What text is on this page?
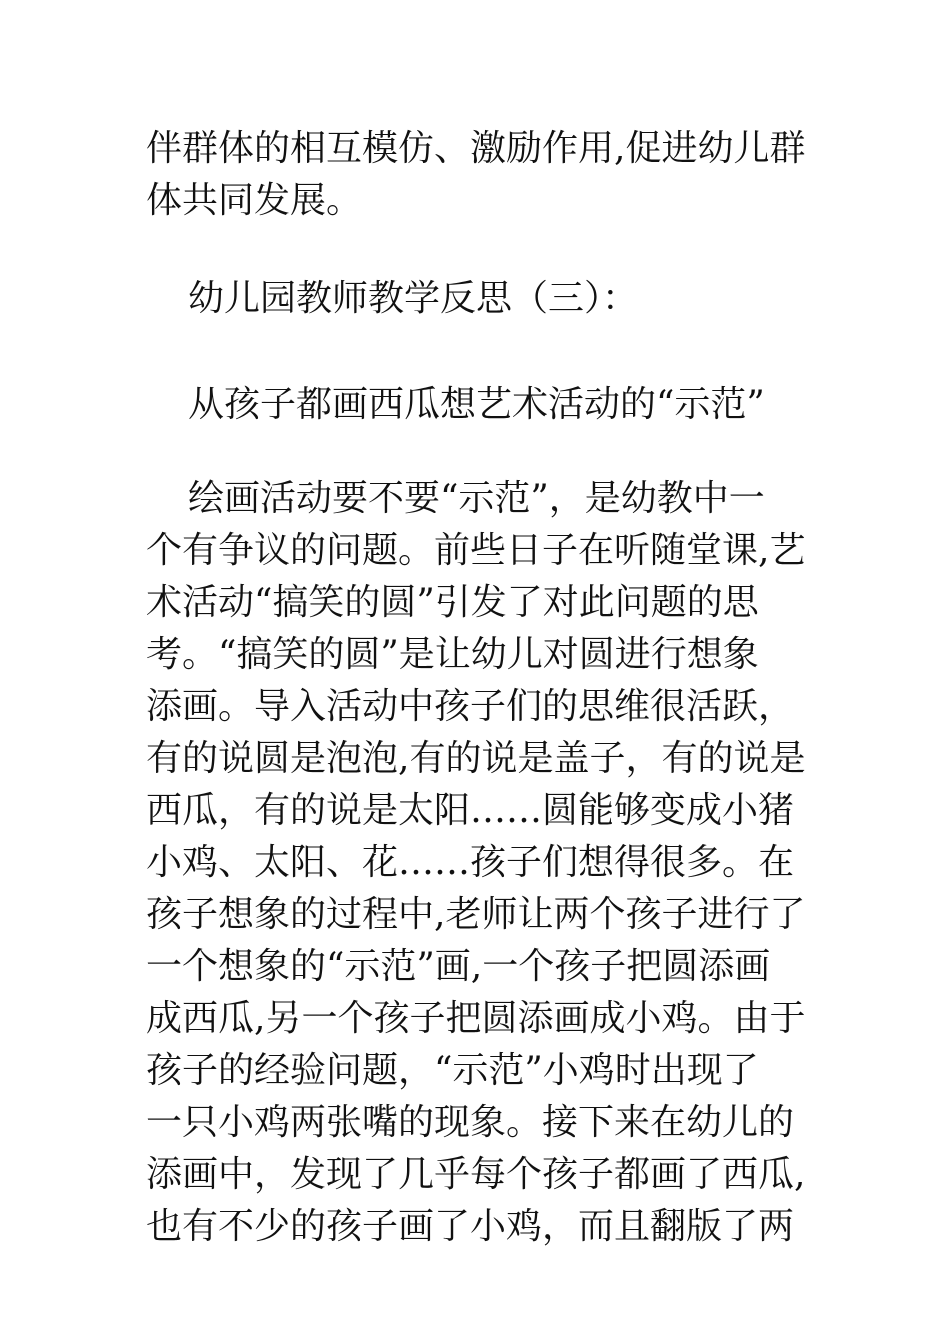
伴群体的相互模仿、激励作用,促进幼儿群
体共同发展。
幼儿园教师教学反思（三）：
从孩子都画西瓜想艺术活动的“示范”
绘画活动要不要“示范”，是幼教中一
个有争议的问题。前些日子在听随堂课,艺
术活动“搞笑的圆”引发了对此问题的思
考。“搞笑的圆”是让幼儿对圆进行想象
添画。导入活动中孩子们的思维很活跃，
有的说圆是泡泡,有的说是盖子，有的说是
西瓜，有的说是太阳……圆能够变成小猪
小鸡、太阳、花……孩子们想得很多。在
孩子想象的过程中,老师让两个孩子进行了
一个想象的“示范”画,一个孩子把圆添画
成西瓜,另一个孩子把圆添画成小鸡。由于
孩子的经验问题，“示范”小鸡时出现了
一只小鸡两张嘴的现象。接下来在幼儿的
添画中，发现了几乎每个孩子都画了西瓜,
也有不少的孩子画了小鸡，而且翻版了两
